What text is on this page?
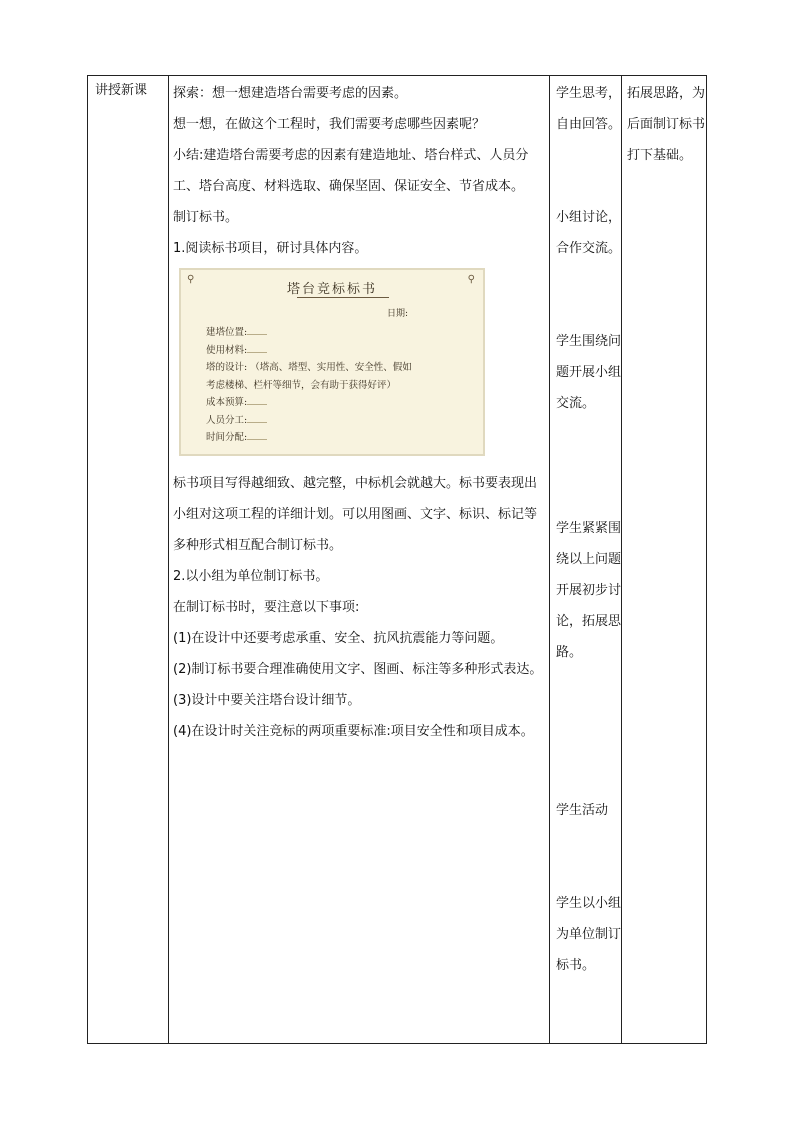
讲授新课	探索：想一想建造塔台需要考虑的因素。

想一想，在做这个工程时，我们需要考虑哪些因素呢？

小结:建造塔台需要考虑的因素有建造地址、塔台样式、人员分工、塔台高度、材料选取、确保坚固、保证安全、节省成本。

制订标书。

1.阅读标书项目，研讨具体内容。

⚲	⚲
塔台竞标标书
日期:
建塔位置:
使用材料:
塔的设计: （塔高、塔型、实用性、安全性、假如
考虑楼梯、栏杆等细节，会有助于获得好评）
成本预算:
人员分工:
时间分配:

标书项目写得越细致、越完整，中标机会就越大。标书要表现出小组对这项工程的详细计划。可以用图画、文字、标识、标记等多种形式相互配合制订标书。

2.以小组为单位制订标书。

在制订标书时，要注意以下事项:

(1)在设计中还要考虑承重、安全、抗风抗震能力等问题。

(2)制订标书要合理准确使用文字、图画、标注等多种形式表达。

(3)设计中要关注塔台设计细节。

(4)在设计时关注竞标的两项重要标准:项目安全性和项目成本。

学生思考，自由回答。

小组讨论，合作交流。

学生围绕问题开展小组交流。

学生紧紧围绕以上问题开展初步讨论，拓展思路。

学生活动

学生以小组为单位制订标书。

拓展思路，为后面制订标书打下基础。
